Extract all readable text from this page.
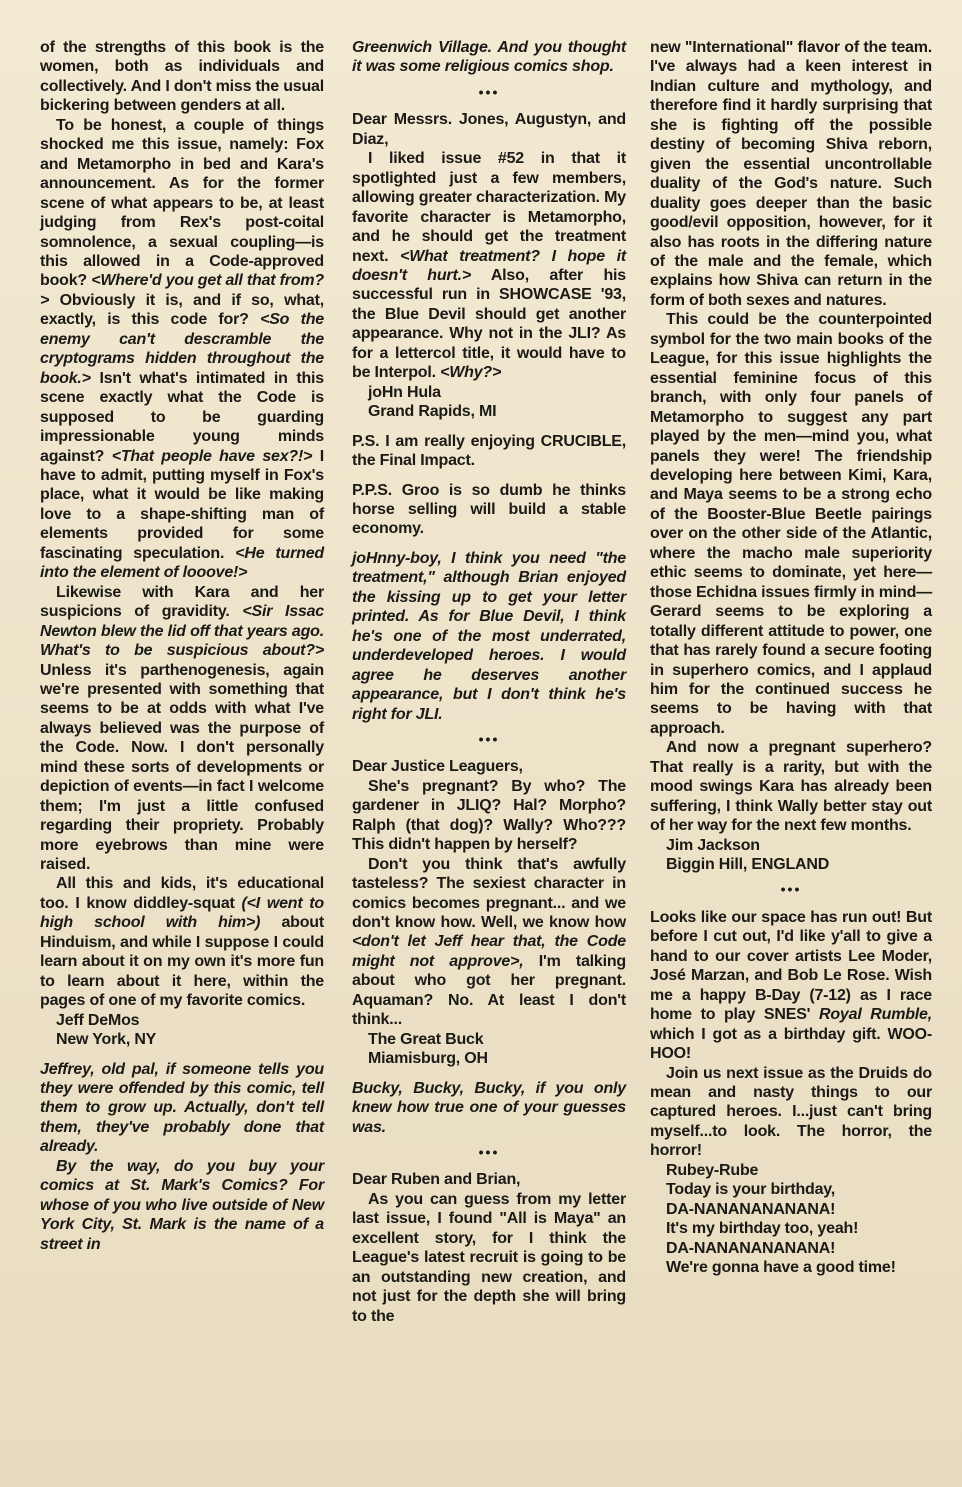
of the strengths of this book is the women, both as individuals and collectively. And I don't miss the usual bickering between genders at all.

To be honest, a couple of things shocked me this issue, namely: Fox and Metamorpho in bed and Kara's announcement. As for the former scene of what appears to be, at least judging from Rex's post-coital somnolence, a sexual coupling—is this allowed in a Code-approved book? <Where'd you get all that from?> Obviously it is, and if so, what, exactly, is this code for? <So the enemy can't descramble the cryptograms hidden throughout the book.> Isn't what's intimated in this scene exactly what the Code is supposed to be guarding impressionable young minds against? <That people have sex?!> I have to admit, putting myself in Fox's place, what it would be like making love to a shape-shifting man of elements provided for some fascinating speculation. <He turned into the element of looove!>

Likewise with Kara and her suspicions of gravidity. <Sir Issac Newton blew the lid off that years ago. What's to be suspicious about?> Unless it's parthenogenesis, again we're presented with something that seems to be at odds with what I've always believed was the purpose of the Code. Now. I don't personally mind these sorts of developments or depiction of events—in fact I welcome them; I'm just a little confused regarding their propriety. Probably more eyebrows than mine were raised.

All this and kids, it's educational too. I know diddley-squat (<I went to high school with him>) about Hinduism, and while I suppose I could learn about it on my own it's more fun to learn about it here, within the pages of one of my favorite comics.

Jeff DeMos

New York, NY

Jeffrey, old pal, if someone tells you they were offended by this comic, tell them to grow up. Actually, don't tell them, they've probably done that already.

By the way, do you buy your comics at St. Mark's Comics? For whose of you who live outside of New York City, St. Mark is the name of a street in

Greenwich Village. And you thought it was some religious comics shop.

•••

Dear Messrs. Jones, Augustyn, and Diaz,

I liked issue #52 in that it spotlighted just a few members, allowing greater characterization. My favorite character is Metamorpho, and he should get the treatment next. <What treatment? I hope it doesn't hurt.> Also, after his successful run in SHOWCASE '93, the Blue Devil should get another appearance. Why not in the JLI? As for a lettercol title, it would have to be Interpol. <Why?>

joHn Hula

Grand Rapids, MI

P.S. I am really enjoying CRUCIBLE, the Final Impact.

P.P.S. Groo is so dumb he thinks horse selling will build a stable economy.

joHnny-boy, I think you need "the treatment," although Brian enjoyed the kissing up to get your letter printed. As for Blue Devil, I think he's one of the most underrated, underdeveloped heroes. I would agree he deserves another appearance, but I don't think he's right for JLI.

•••

Dear Justice Leaguers,

She's pregnant? By who? The gardener in JLIQ? Hal? Morpho? Ralph (that dog)? Wally? Who??? This didn't happen by herself?

Don't you think that's awfully tasteless? The sexiest character in comics becomes pregnant... and we don't know how. Well, we know how <don't let Jeff hear that, the Code might not approve>, I'm talking about who got her pregnant. Aquaman? No. At least I don't think...

The Great Buck

Miamisburg, OH

Bucky, Bucky, Bucky, if you only knew how true one of your guesses was.

•••

Dear Ruben and Brian,

As you can guess from my letter last issue, I found "All is Maya" an excellent story, for I think the League's latest recruit is going to be an outstanding new creation, and not just for the depth she will bring to the

new "International" flavor of the team. I've always had a keen interest in Indian culture and mythology, and therefore find it hardly surprising that she is fighting off the possible destiny of becoming Shiva reborn, given the essential uncontrollable duality of the God's nature. Such duality goes deeper than the basic good/evil opposition, however, for it also has roots in the differing nature of the male and the female, which explains how Shiva can return in the form of both sexes and natures.

This could be the counterpointed symbol for the two main books of the League, for this issue highlights the essential feminine focus of this branch, with only four panels of Metamorpho to suggest any part played by the men—mind you, what panels they were! The friendship developing here between Kimi, Kara, and Maya seems to be a strong echo of the Booster-Blue Beetle pairings over on the other side of the Atlantic, where the macho male superiority ethic seems to dominate, yet here—those Echidna issues firmly in mind—Gerard seems to be exploring a totally different attitude to power, one that has rarely found a secure footing in superhero comics, and I applaud him for the continued success he seems to be having with that approach.

And now a pregnant superhero? That really is a rarity, but with the mood swings Kara has already been suffering, I think Wally better stay out of her way for the next few months.

Jim Jackson

Biggin Hill, ENGLAND

•••

Looks like our space has run out! But before I cut out, I'd like y'all to give a hand to our cover artists Lee Moder, José Marzan, and Bob Le Rose. Wish me a happy B-Day (7-12) as I race home to play SNES' Royal Rumble, which I got as a birthday gift. WOO-HOO!

Join us next issue as the Druids do mean and nasty things to our captured heroes. I...just can't bring myself...to look. The horror, the horror!

Rubey-Rube

Today is your birthday,

DA-NANANANANANA!

It's my birthday too, yeah!

DA-NANANANANANA!

We're gonna have a good time!
